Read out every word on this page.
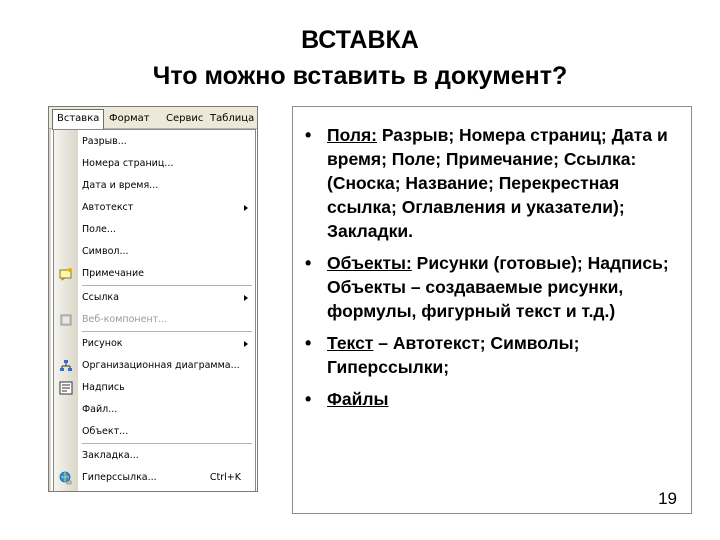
ВСТАВКА
Что можно вставить в документ?
Вставка Формат	Сервис Таблица
Разрыв...
Номера страниц...
Дата и время...
Автотекст
Поле...
Символ...
Примечание
Ссылка
Веб-компонент...
Рисунок
Организационная диаграмма...
Надпись
Файл...
Объект...
Закладка...
Гиперссылка...	Ctrl+K
• Поля: Разрыв; Номера страниц; Дата и время; Поле; Примечание; Ссылка: (Сноска; Название; Перекрестная ссылка; Оглавления и указатели); Закладки.
• Объекты: Рисунки (готовые); Надпись; Объекты – создаваемые рисунки, формулы, фигурный текст и т.д.)
• Текст – Автотекст; Символы; Гиперссылки;
• Файлы
19
